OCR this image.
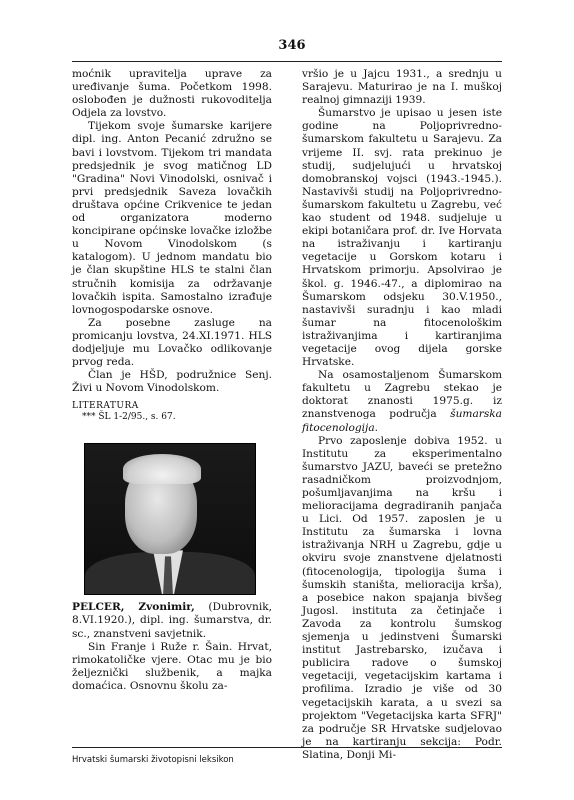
346

moćnik upravitelja uprave za uređivanje šuma. Početkom 1998. oslobođen je dužnosti rukovoditelja Odjela za lovstvo.

Tijekom svoje šumarske karijere dipl. ing. Anton Pecanić združno se bavi i lovstvom. Tijekom tri mandata predsjednik je svog matičnog LD "Gradina" Novi Vinodolski, osnivač i prvi predsjednik Saveza lovačkih društava općine Crikvenice te jedan od organizatora moderno koncipirane općinske lovačke izložbe u Novom Vinodolskom (s katalogom). U jednom mandatu bio je član skupštine HLS te stalni član stručnih komisija za održavanje lovačkih ispita. Samostalno izrađuje lovnogospodarske osnove.

Za posebne zasluge na promicanju lovstva, 24.XI.1971. HLS dodjeljuje mu Lovačko odlikovanje prvog reda.

Član je HŠD, podružnice Senj. Živi u Novom Vinodolskom.

LITERATURA
*** ŠL 1-2/95., s. 67.

PELCER, Zvonimir, (Dubrovnik, 8.VI.1920.), dipl. ing. šumarstva, dr. sc., znanstveni savjetnik.

Sin Franje i Ruže r. Šain. Hrvat, rimokatoličke vjere. Otac mu je bio željeznički službenik, a majka domaćica. Osnovnu školu za-

vršio je u Jajcu 1931., a srednju u Sarajevu. Maturirao je na I. muškoj realnoj gimnaziji 1939.

Šumarstvo je upisao u jesen iste godine na Poljoprivredno-šumarskom fakultetu u Sarajevu. Za vrijeme II. svj. rata prekinuo je studij, sudjelujući u hrvatskoj domobranskoj vojsci (1943.-1945.). Nastavivši studij na Poljoprivredno-šumarskom fakultetu u Zagrebu, već kao student od 1948. sudjeluje u ekipi botaničara prof. dr. Ive Horvata na istraživanju i kartiranju vegetacije u Gorskom kotaru i Hrvatskom primorju. Apsolvirao je škol. g. 1946.-47., a diplomirao na Šumarskom odsjeku 30.V.1950., nastavivši suradnju i kao mladi šumar na fitocenološkim istraživanjima i kartiranjima vegetacije ovog dijela gorske Hrvatske.

Na osamostaljenom Šumarskom fakultetu u Zagrebu stekao je doktorat znanosti 1975.g. iz znanstvenoga područja šumarska fitocenologija.

Prvo zaposlenje dobiva 1952. u Institutu za eksperimentalno šumarstvo JAZU, baveći se pretežno rasadničkom proizvodnjom, pošumljavanjima na kršu i melioracijama degradiranih panjača u Lici. Od 1957. zaposlen je u Institutu za šumarska i lovna istraživanja NRH u Zagrebu, gdje u okviru svoje znanstvene djelatnosti (fitocenologija, tipologija šuma i šumskih staništa, melioracija krša), a posebice nakon spajanja bivšeg Jugosl. instituta za četinjače i Zavoda za kontrolu šumskog sjemenja u jedinstveni Šumarski institut Jastrebarsko, izučava i publicira radove o šumskoj vegetaciji, vegetacijskim kartama i profilima. Izradio je više od 30 vegetacijskih karata, a u svezi sa projektom "Vegetacijska karta SFRJ" za područje SR Hrvatske sudjelovao je na kartiranju sekcija: Podr. Slatina, Donji Mi-

Hrvatski šumarski životopisni leksikon
